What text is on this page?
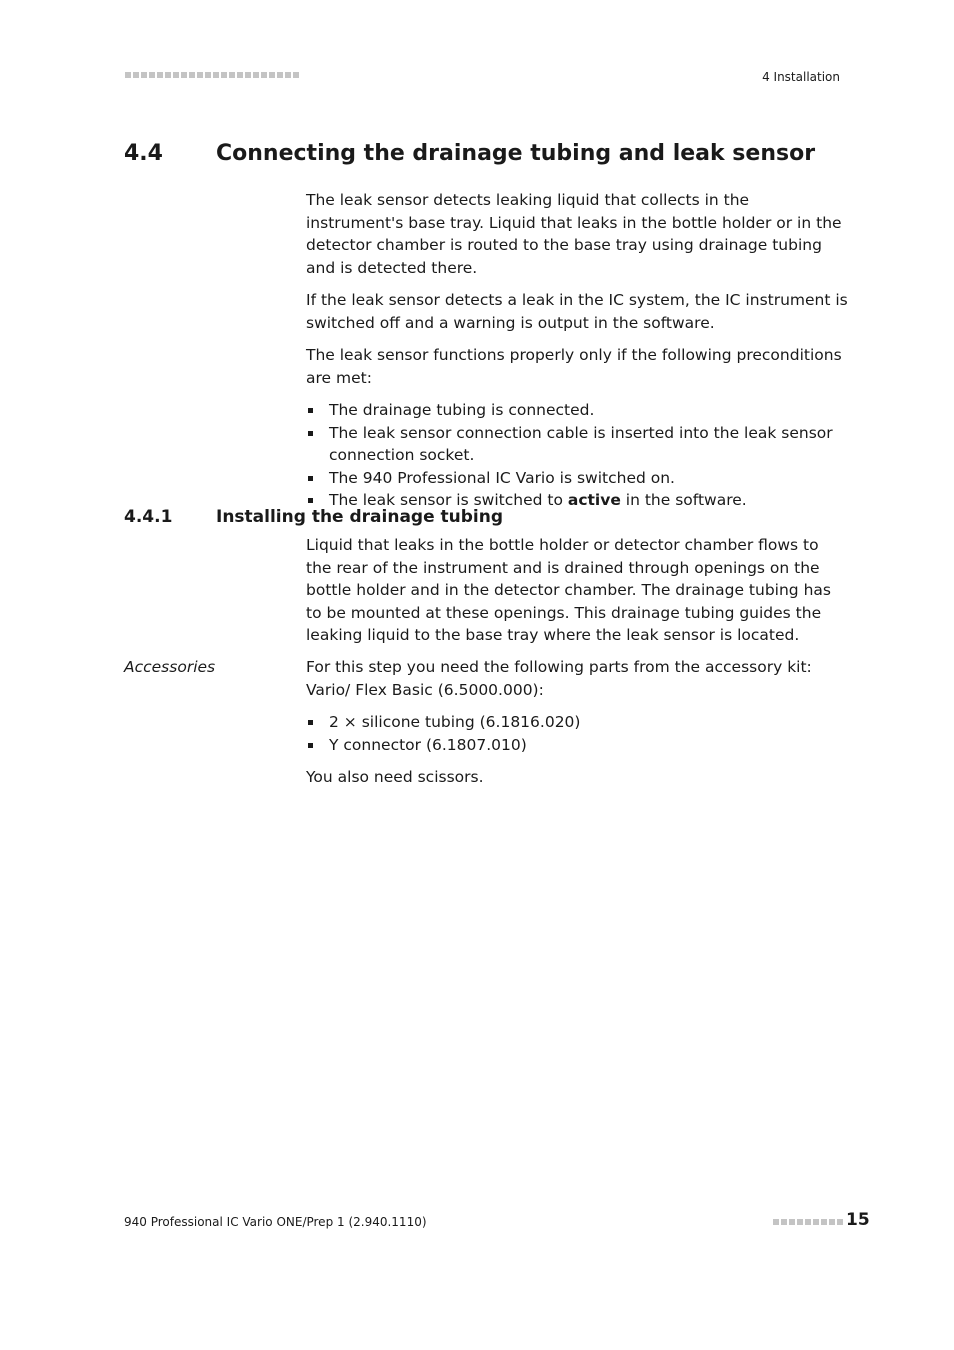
4 Installation
4.4 Connecting the drainage tubing and leak sensor

The leak sensor detects leaking liquid that collects in the instrument's base tray. Liquid that leaks in the bottle holder or in the detector chamber is routed to the base tray using drainage tubing and is detected there.

If the leak sensor detects a leak in the IC system, the IC instrument is switched off and a warning is output in the software.

The leak sensor functions properly only if the following preconditions are met:

The drainage tubing is connected.
The leak sensor connection cable is inserted into the leak sensor connection socket.
The 940 Professional IC Vario is switched on.
The leak sensor is switched to active in the software.
4.4.1	Installing the drainage tubing

Liquid that leaks in the bottle holder or detector chamber flows to the rear of the instrument and is drained through openings on the bottle holder and in the detector chamber. The drainage tubing has to be mounted at these openings. This drainage tubing guides the leaking liquid to the base tray where the leak sensor is located.

Accessories	For this step you need the following parts from the accessory kit: Vario/ Flex Basic (6.5000.000):

2 × silicone tubing (6.1816.020)
Y connector (6.1807.010)

You also need scissors.

940 Professional IC Vario ONE/Prep 1 (2.940.1110)	15
